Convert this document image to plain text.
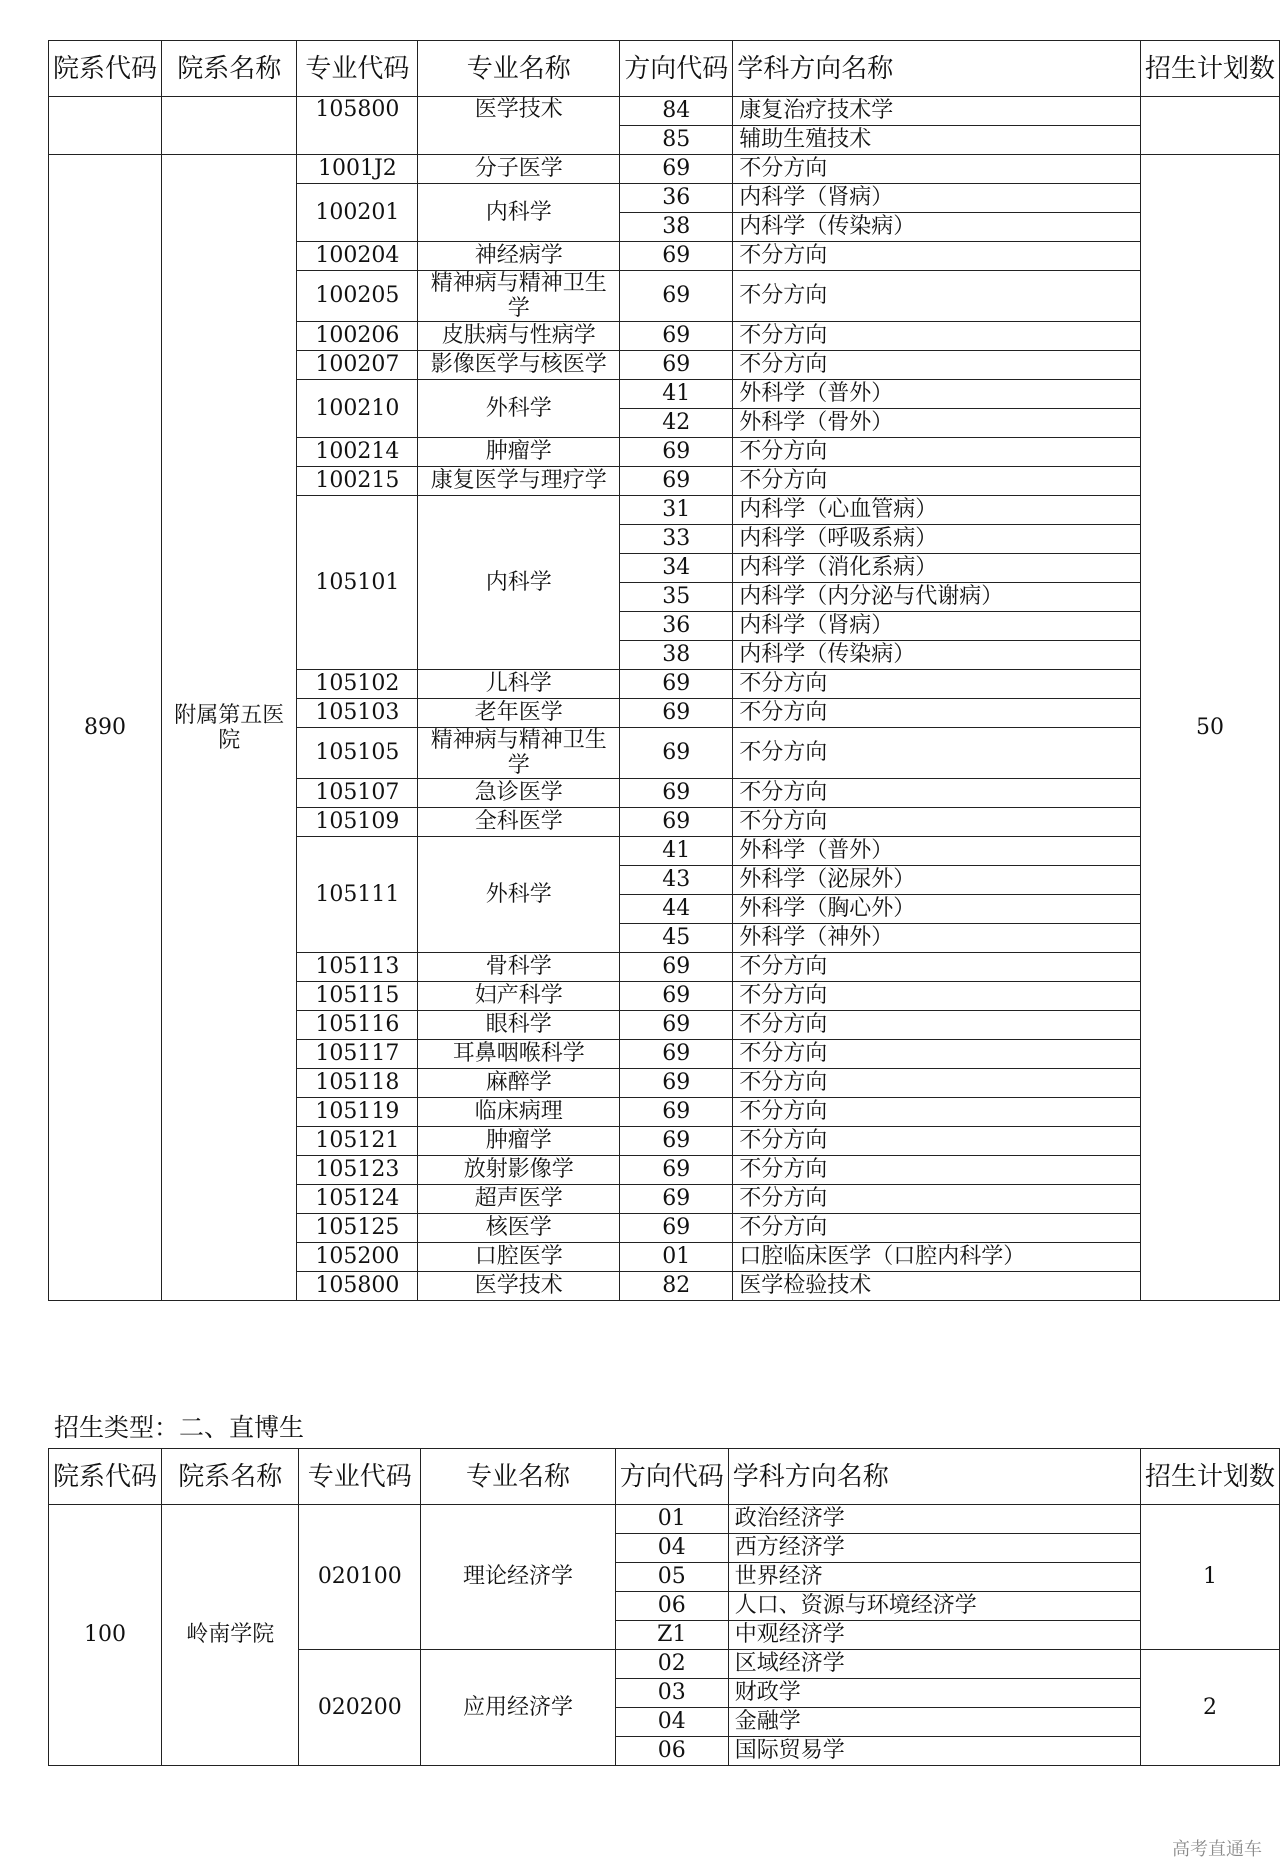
院系代码	院系名称	专业代码	专业名称	方向代码	学科方向名称	招生计划数

		105800	医学技术	84	康复治疗技术学	
				85	辅助生殖技术	
890	附属第五医院	1001J2	分子医学	69	不分方向	50
		100201	内科学	36	内科学（肾病）	
				38	内科学（传染病）	
		100204	神经病学	69	不分方向	
		100205	精神病与精神卫生学	69	不分方向	
		100206	皮肤病与性病学	69	不分方向	
		100207	影像医学与核医学	69	不分方向	
		100210	外科学	41	外科学（普外）	
				42	外科学（骨外）	
		100214	肿瘤学	69	不分方向	
		100215	康复医学与理疗学	69	不分方向	
		105101	内科学	31	内科学（心血管病）	
				33	内科学（呼吸系病）	
				34	内科学（消化系病）	
				35	内科学（内分泌与代谢病）	
				36	内科学（肾病）	
				38	内科学（传染病）	
		105102	儿科学	69	不分方向	
		105103	老年医学	69	不分方向	
		105105	精神病与精神卫生学	69	不分方向	
		105107	急诊医学	69	不分方向	
		105109	全科医学	69	不分方向	
		105111	外科学	41	外科学（普外）	
				43	外科学（泌尿外）	
				44	外科学（胸心外）	
				45	外科学（神外）	
		105113	骨科学	69	不分方向	
		105115	妇产科学	69	不分方向	
		105116	眼科学	69	不分方向	
		105117	耳鼻咽喉科学	69	不分方向	
		105118	麻醉学	69	不分方向	
		105119	临床病理	69	不分方向	
		105121	肿瘤学	69	不分方向	
		105123	放射影像学	69	不分方向	
		105124	超声医学	69	不分方向	
		105125	核医学	69	不分方向	
		105200	口腔医学	01	口腔临床医学（口腔内科学）	
		105800	医学技术	82	医学检验技术	
招生类型：二、直博生
院系代码	院系名称	专业代码	专业名称	方向代码	学科方向名称	招生计划数
100	岭南学院	020100	理论经济学	01	政治经济学	1
				04	西方经济学	
				05	世界经济	
				06	人口、资源与环境经济学	
				Z1	中观经济学	
		020200	应用经济学	02	区域经济学	2
				03	财政学	
				04	金融学	
				06	国际贸易学	
高考直通车
